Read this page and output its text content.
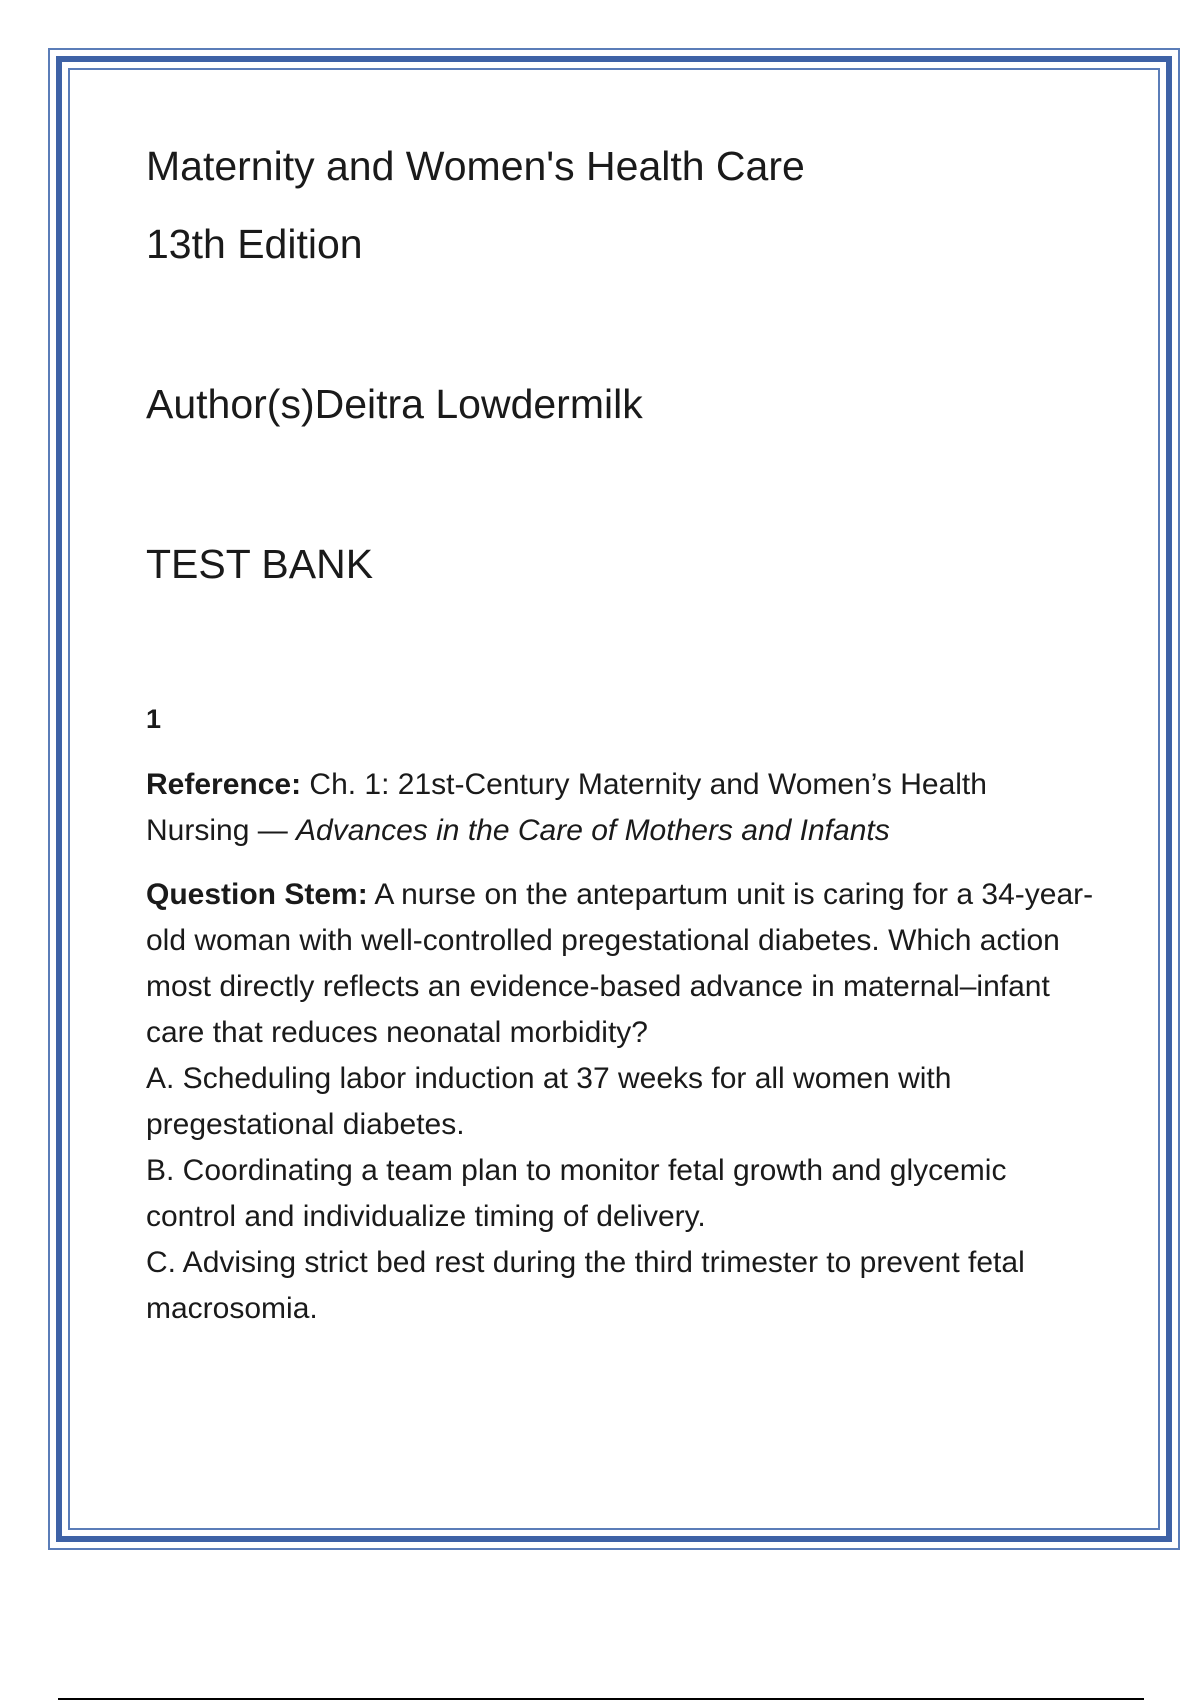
Maternity and Women's Health Care
13th Edition
Author(s)Deitra Lowdermilk
TEST BANK
1

Reference: Ch. 1: 21st-Century Maternity and Women’s Health Nursing — Advances in the Care of Mothers and Infants

Question Stem: A nurse on the antepartum unit is caring for a 34-year-old woman with well-controlled pregestational diabetes. Which action most directly reflects an evidence-based advance in maternal–infant care that reduces neonatal morbidity?

A. Scheduling labor induction at 37 weeks for all women with pregestational diabetes.

B. Coordinating a team plan to monitor fetal growth and glycemic control and individualize timing of delivery.

C. Advising strict bed rest during the third trimester to prevent fetal macrosomia.
